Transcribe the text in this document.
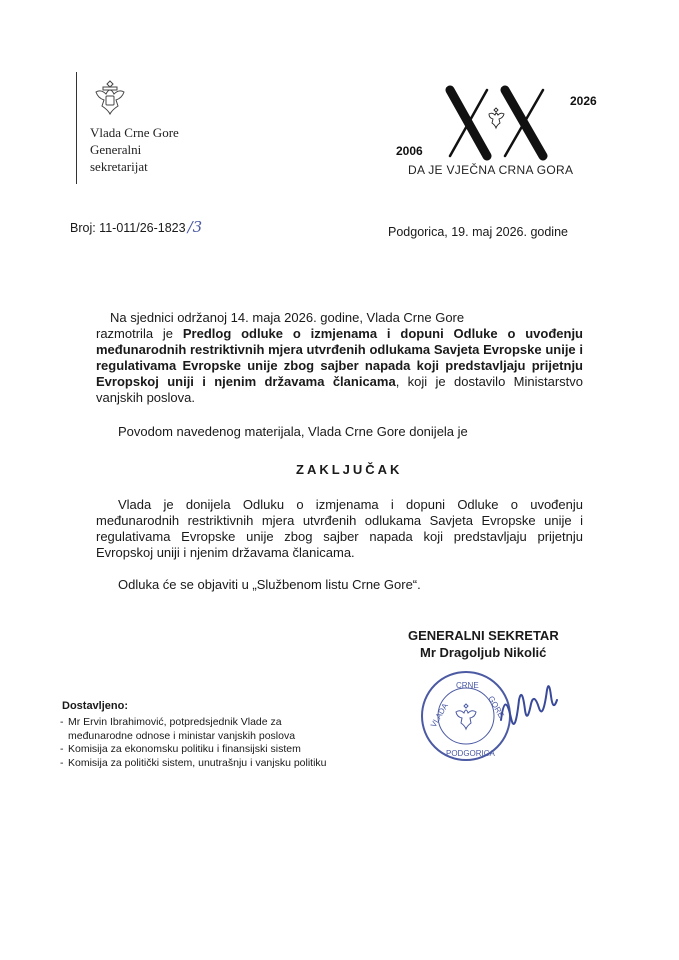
Vlada Crne Gore
Generalni
sekretarijat
2026
2006
DA JE VJEČNA CRNA GORA
Broj: 11-011/26-1823 /3	Podgorica, 19. maj 2026. godine
Na sjednici održanoj 14. maja 2026. godine, Vlada Crne Gore
razmotrila je Predlog odluke o izmjenama i dopuni Odluke o uvođenju međunarodnih restriktivnih mjera utvrđenih odlukama Savjeta Evropske unije i regulativama Evropske unije zbog sajber napada koji predstavljaju prijetnju Evropskoj uniji i njenim državama članicama, koji je dostavilo Ministarstvo vanjskih poslova.
Povodom navedenog materijala, Vlada Crne Gore donijela je
ZAKLJUČAK
Vlada je donijela Odluku o izmjenama i dopuni Odluke o uvođenju međunarodnih restriktivnih mjera utvrđenih odlukama Savjeta Evropske unije i regulativama Evropske unije zbog sajber napada koji predstavljaju prijetnju Evropskoj uniji i njenim državama članicama.
Odluka će se objaviti u „Službenom listu Crne Gore“.
GENERALNI SEKRETAR
Mr Dragoljub Nikolić
VLADA
CRNE
GORE
PODGORICA
Dostavljeno:
- Mr Ervin Ibrahimović, potpredsjednik Vlade za
međunarodne odnose i ministar vanjskih poslova
- Komisija za ekonomsku politiku i finansijski sistem
- Komisija za politički sistem, unutrašnju i vanjsku politiku
